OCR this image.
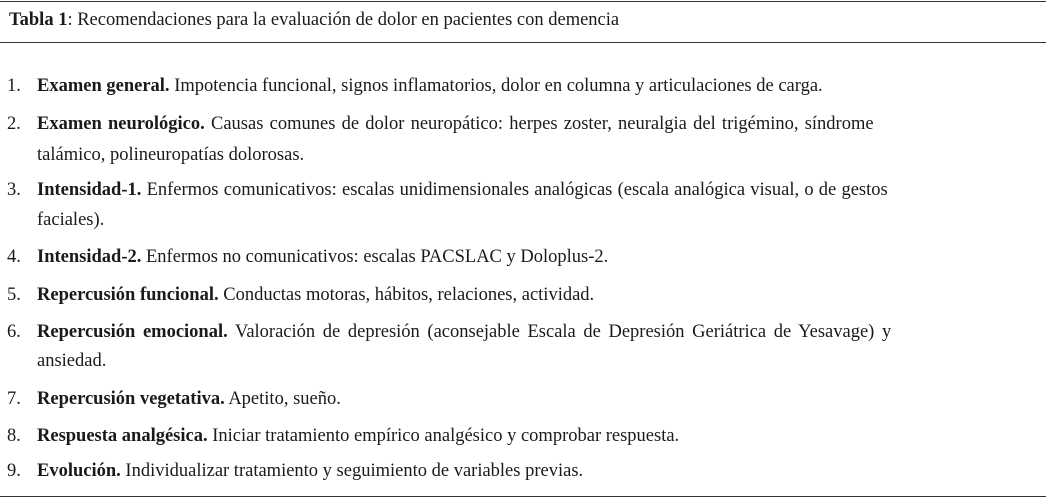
Tabla 1: Recomendaciones para la evaluación de dolor en pacientes con demencia
1. Examen general. Impotencia funcional, signos inflamatorios, dolor en columna y articulaciones de carga.
2. Examen neurológico. Causas comunes de dolor neuropático: herpes zoster, neuralgia del trigémino, síndrome
talámico, polineuropatías dolorosas.
3. Intensidad-1. Enfermos comunicativos: escalas unidimensionales analógicas (escala analógica visual, o de gestos
faciales).
4. Intensidad-2. Enfermos no comunicativos: escalas PACSLAC y Doloplus-2.
5. Repercusión funcional. Conductas motoras, hábitos, relaciones, actividad.
6. Repercusión emocional. Valoración de depresión (aconsejable Escala de Depresión Geriátrica de Yesavage) y
ansiedad.
7. Repercusión vegetativa. Apetito, sueño.
8. Respuesta analgésica. Iniciar tratamiento empírico analgésico y comprobar respuesta.
9. Evolución. Individualizar tratamiento y seguimiento de variables previas.
